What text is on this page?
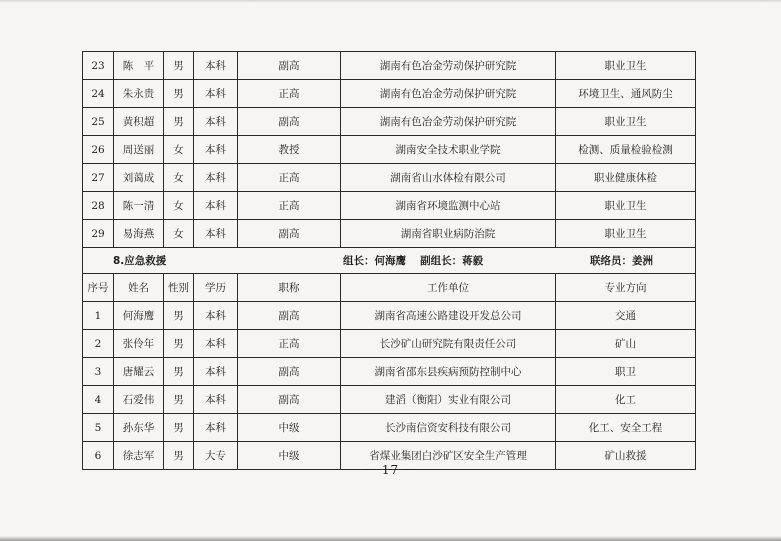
23	陈　平	男	本科	副高	湖南有色冶金劳动保护研究院	职业卫生
24	朱永贵	男	本科	正高	湖南有色冶金劳动保护研究院	环境卫生、通风防尘
25	黄积超	男	本科	副高	湖南有色冶金劳动保护研究院	职业卫生
26	周送丽	女	本科	教授	湖南安全技术职业学院	检测、质量检验检测
27	刘蔼成	女	本科	正高	湖南省山水体检有限公司	职业健康体检
28	陈一清	女	本科	正高	湖南省环境监测中心站	职业卫生
29	易海燕	女	本科	副高	湖南省职业病防治院	职业卫生

8.应急救援 组长：何海鹰　 副组长：蒋毅 联络员：姜洲						

序号	姓名	性别	学历	职称	工作单位	专业方向
1	何海鹰	男	本科	副高	湖南省高速公路建设开发总公司	交通
2	张伶年	男	本科	正高	长沙矿山研究院有限责任公司	矿山
3	唐耀云	男	本科	副高	湖南省邵东县疾病预防控制中心	职卫
4	石爱伟	男	本科	副高	建滔（衡阳）实业有限公司	化工
5	孙东华	男	本科	中级	长沙南信资安科技有限公司	化工、安全工程
6	徐志军	男	大专	中级	省煤业集团白沙矿区安全生产管理	矿山救援
－ 17 －
